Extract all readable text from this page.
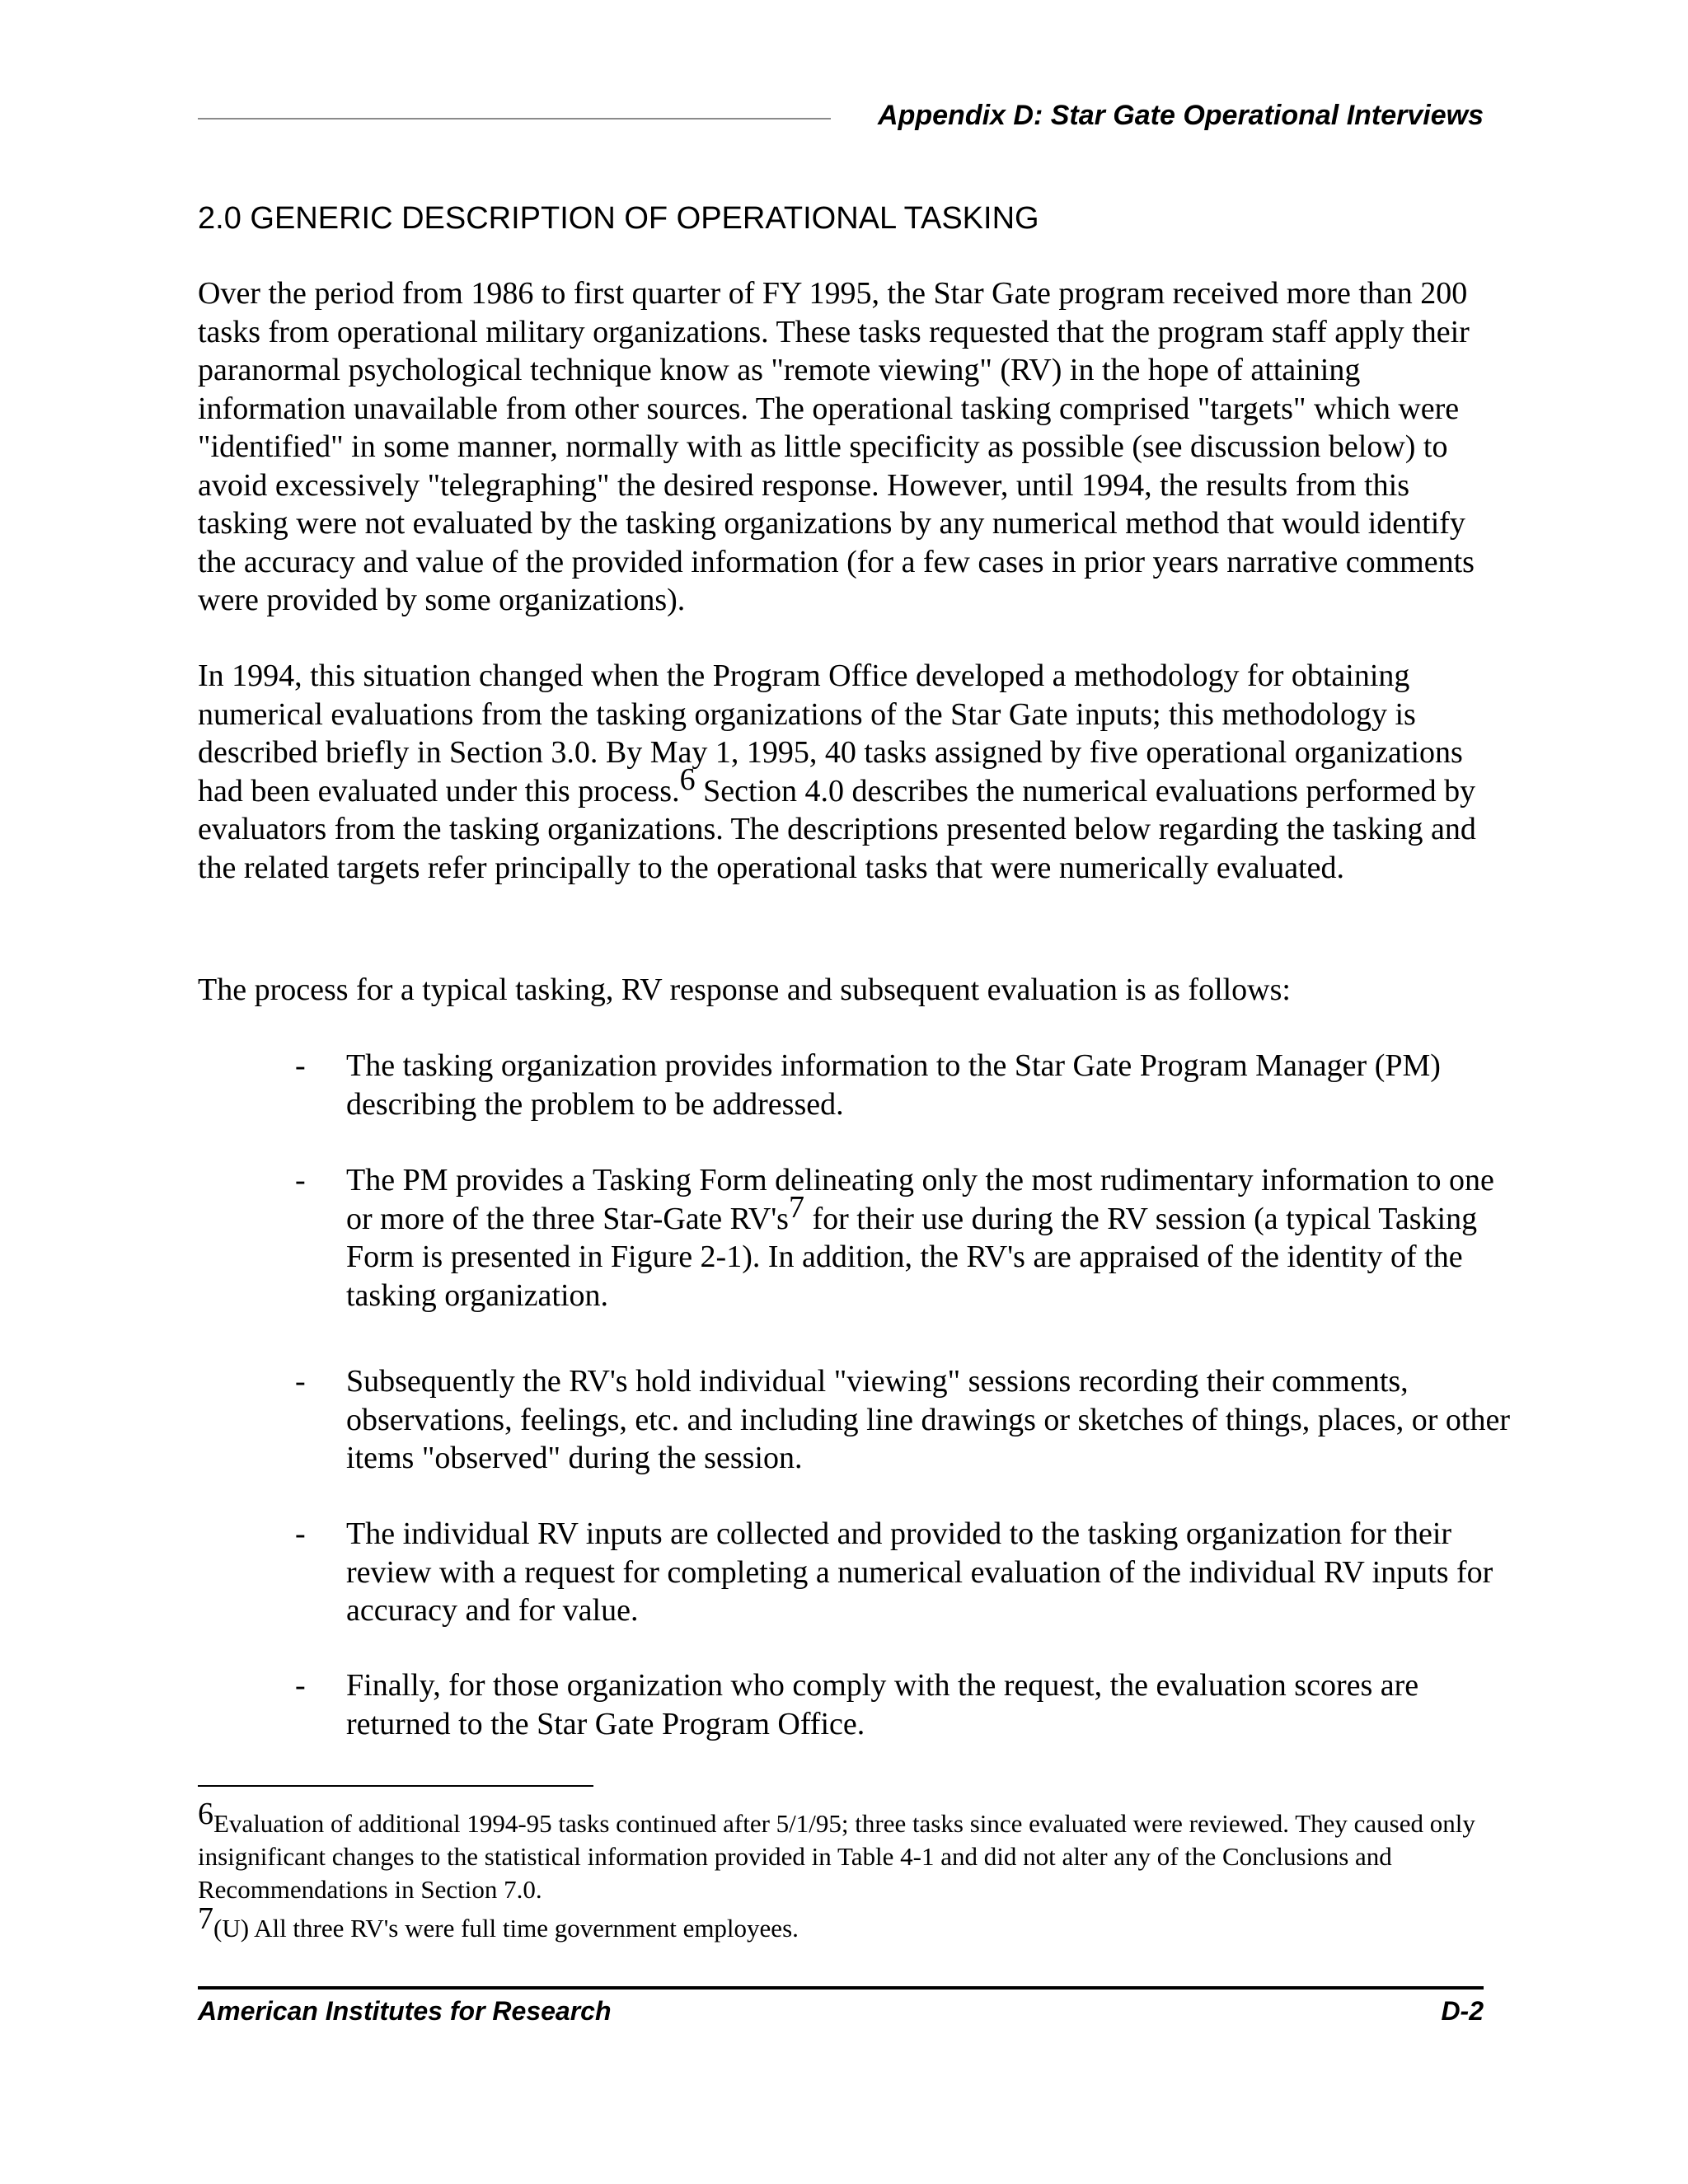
Appendix D: Star Gate Operational Interviews
2.0 GENERIC DESCRIPTION OF OPERATIONAL TASKING

Over the period from 1986 to first quarter of FY 1995, the Star Gate program received more than 200 tasks from operational military organizations. These tasks requested that the program staff apply their paranormal psychological technique know as "remote viewing" (RV) in the hope of attaining information unavailable from other sources. The operational tasking comprised "targets" which were "identified" in some manner, normally with as little specificity as possible (see discussion below) to avoid excessively "telegraphing" the desired response. However, until 1994, the results from this tasking were not evaluated by the tasking organizations by any numerical method that would identify the accuracy and value of the provided information (for a few cases in prior years narrative comments were provided by some organizations).

In 1994, this situation changed when the Program Office developed a methodology for obtaining numerical evaluations from the tasking organizations of the Star Gate inputs; this methodology is described briefly in Section 3.0. By May 1, 1995, 40 tasks assigned by five operational organizations had been evaluated under this process.6 Section 4.0 describes the numerical evaluations performed by evaluators from the tasking organizations. The descriptions presented below regarding the tasking and the related targets refer principally to the operational tasks that were numerically evaluated.

The process for a typical tasking, RV response and subsequent evaluation is as follows:

-	The tasking organization provides information to the Star Gate Program Manager (PM) describing the problem to be addressed.
-	The PM provides a Tasking Form delineating only the most rudimentary information to one or more of the three Star-Gate RV's7 for their use during the RV session (a typical Tasking Form is presented in Figure 2-1). In addition, the RV's are appraised of the identity of the tasking organization.
-	Subsequently the RV's hold individual "viewing" sessions recording their comments, observations, feelings, etc. and including line drawings or sketches of things, places, or other items "observed" during the session.
-	The individual RV inputs are collected and provided to the tasking organization for their review with a request for completing a numerical evaluation of the individual RV inputs for accuracy and for value.
-	Finally, for those organization who comply with the request, the evaluation scores are returned to the Star Gate Program Office.
6Evaluation of additional 1994-95 tasks continued after 5/1/95; three tasks since evaluated were reviewed. They caused only insignificant changes to the statistical information provided in Table 4-1 and did not alter any of the Conclusions and Recommendations in Section 7.0.
7(U) All three RV's were full time government employees.
American Institutes for Research	D-2
